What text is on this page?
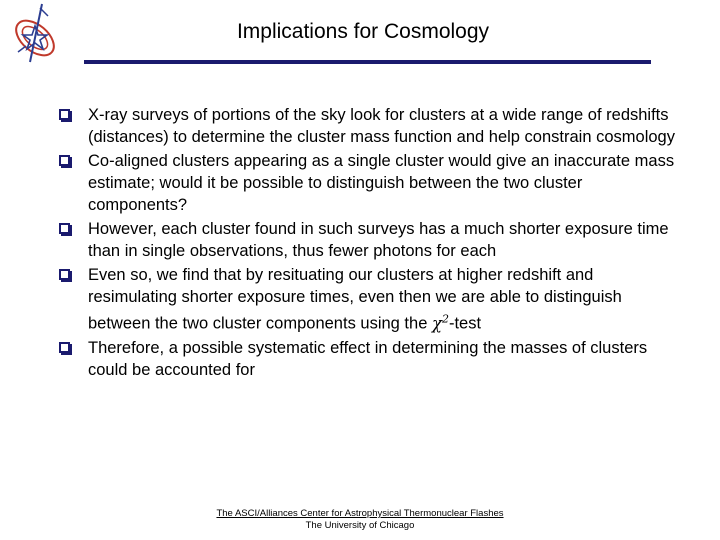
Implications for Cosmology
X-ray surveys of portions of the sky look for clusters at a wide range of redshifts (distances) to determine the cluster mass function and help constrain cosmology
Co-aligned clusters appearing as a single cluster would give an inaccurate mass estimate; would it be possible to distinguish between the two cluster components?
However, each cluster found in such surveys has a much shorter exposure time than in single observations, thus fewer photons for each
Even so, we find that by resituating our clusters at higher redshift and resimulating shorter exposure times, even then we are able to distinguish between the two cluster components using the $\chi^2$-test
Therefore, a possible systematic effect in determining the masses of clusters could be accounted for
The ASCI/Alliances Center for Astrophysical Thermonuclear Flashes
The University of Chicago
